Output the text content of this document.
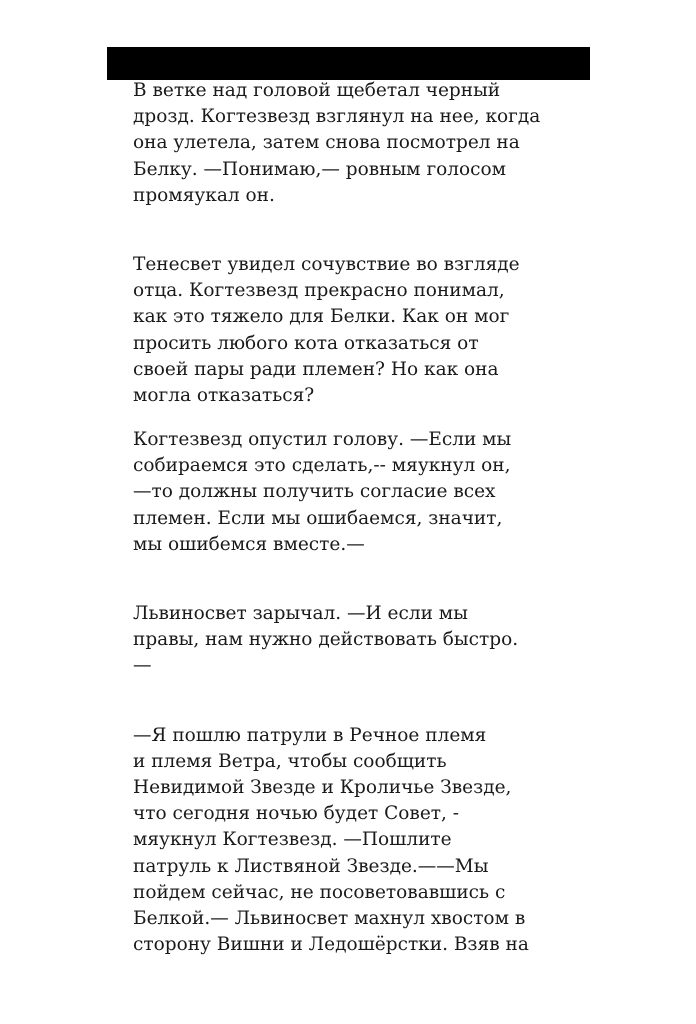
В ветке над головой щебетал черный
дрозд. Когтезвезд взглянул на нее, когда
она улетела, затем снова посмотрел на
Белку. —Понимаю,— ровным голосом
промяукал он.
Тенесвет увидел сочувствие во взгляде
отца. Когтезвезд прекрасно понимал,
как это тяжело для Белки. Как он мог
просить любого кота отказаться от
своей пары ради племен? Но как она
могла отказаться?
Когтезвезд опустил голову. —Если мы
собираемся это сделать,-- мяукнул он,
—то должны получить согласие всех
племен. Если мы ошибаемся, значит,
мы ошибемся вместе.—
Львиносвет зарычал. —И если мы
правы, нам нужно действовать быстро.
—
—Я пошлю патрули в Речное племя
и племя Ветра, чтобы сообщить
Невидимой Звезде и Кроличье Звезде,
что сегодня ночью будет Совет, -
мяукнул Когтезвезд. —Пошлите
патруль к Листвяной Звезде.——Мы
пойдем сейчас, не посоветовавшись с
Белкой.— Львиносвет махнул хвостом в
сторону Вишни и Ледошёрстки. Взяв на
